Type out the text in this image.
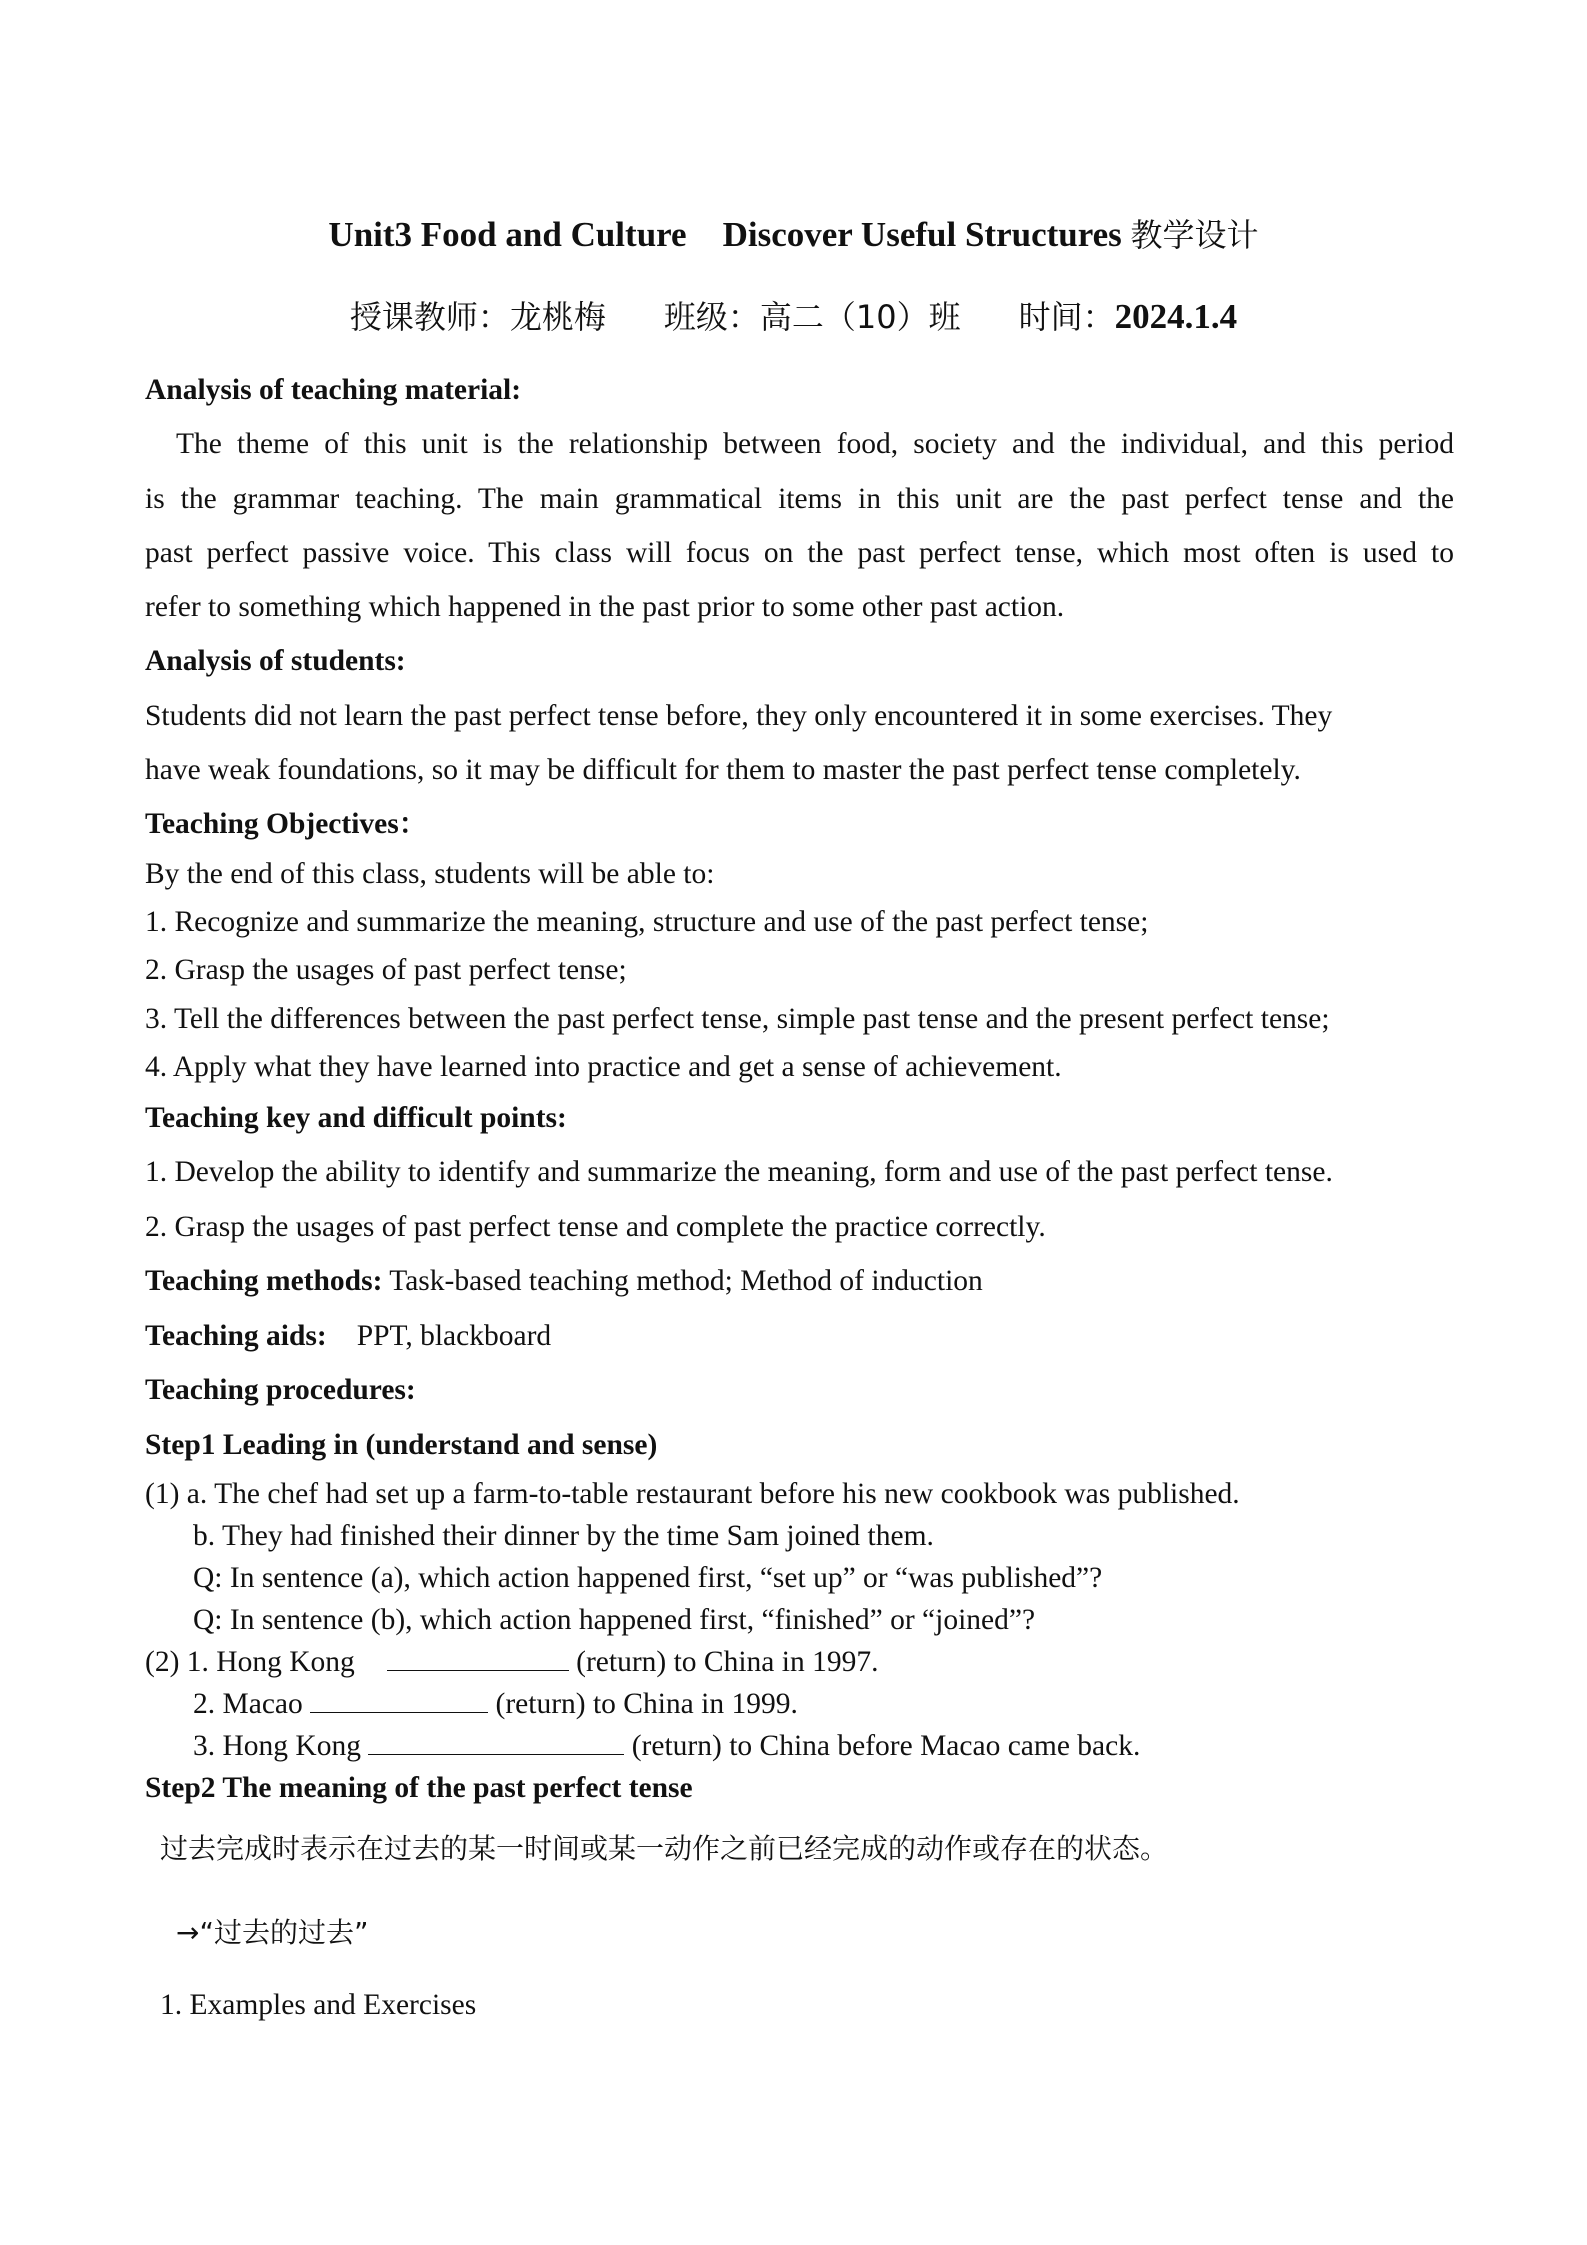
Unit3 Food and Culture Discover Useful Structures 教学设计
授课教师：龙桃梅 班级：高二（10）班 时间：2024.1.4
Analysis of teaching material:
The theme of this unit is the relationship between food, society and the individual, and this period
is the grammar teaching. The main grammatical items in this unit are the past perfect tense and the
past perfect passive voice. This class will focus on the past perfect tense, which most often is used to
refer to something which happened in the past prior to some other past action.
Analysis of students:
Students did not learn the past perfect tense before, they only encountered it in some exercises. They
have weak foundations, so it may be difficult for them to master the past perfect tense completely.
Teaching Objectives：
By the end of this class, students will be able to:
1. Recognize and summarize the meaning, structure and use of the past perfect tense;
2. Grasp the usages of past perfect tense;
3. Tell the differences between the past perfect tense, simple past tense and the present perfect tense;
4. Apply what they have learned into practice and get a sense of achievement.
Teaching key and difficult points:
1. Develop the ability to identify and summarize the meaning, form and use of the past perfect tense.
2. Grasp the usages of past perfect tense and complete the practice correctly.
Teaching methods: Task-based teaching method; Method of induction
Teaching aids: PPT, blackboard
Teaching procedures:
Step1 Leading in (understand and sense)
(1) a. The chef had set up a farm-to-table restaurant before his new cookbook was published.
b. They had finished their dinner by the time Sam joined them.
Q: In sentence (a), which action happened first, “set up” or “was published”?
Q: In sentence (b), which action happened first, “finished” or “joined”?
(2) 1. Hong Kong	(return) to China in 1997.
2. Macao	(return) to China in 1999.
3. Hong Kong	(return) to China before Macao came back.
Step2 The meaning of the past perfect tense
过去完成时表示在过去的某一时间或某一动作之前已经完成的动作或存在的状态。
→“过去的过去”
1. Examples and Exercises
